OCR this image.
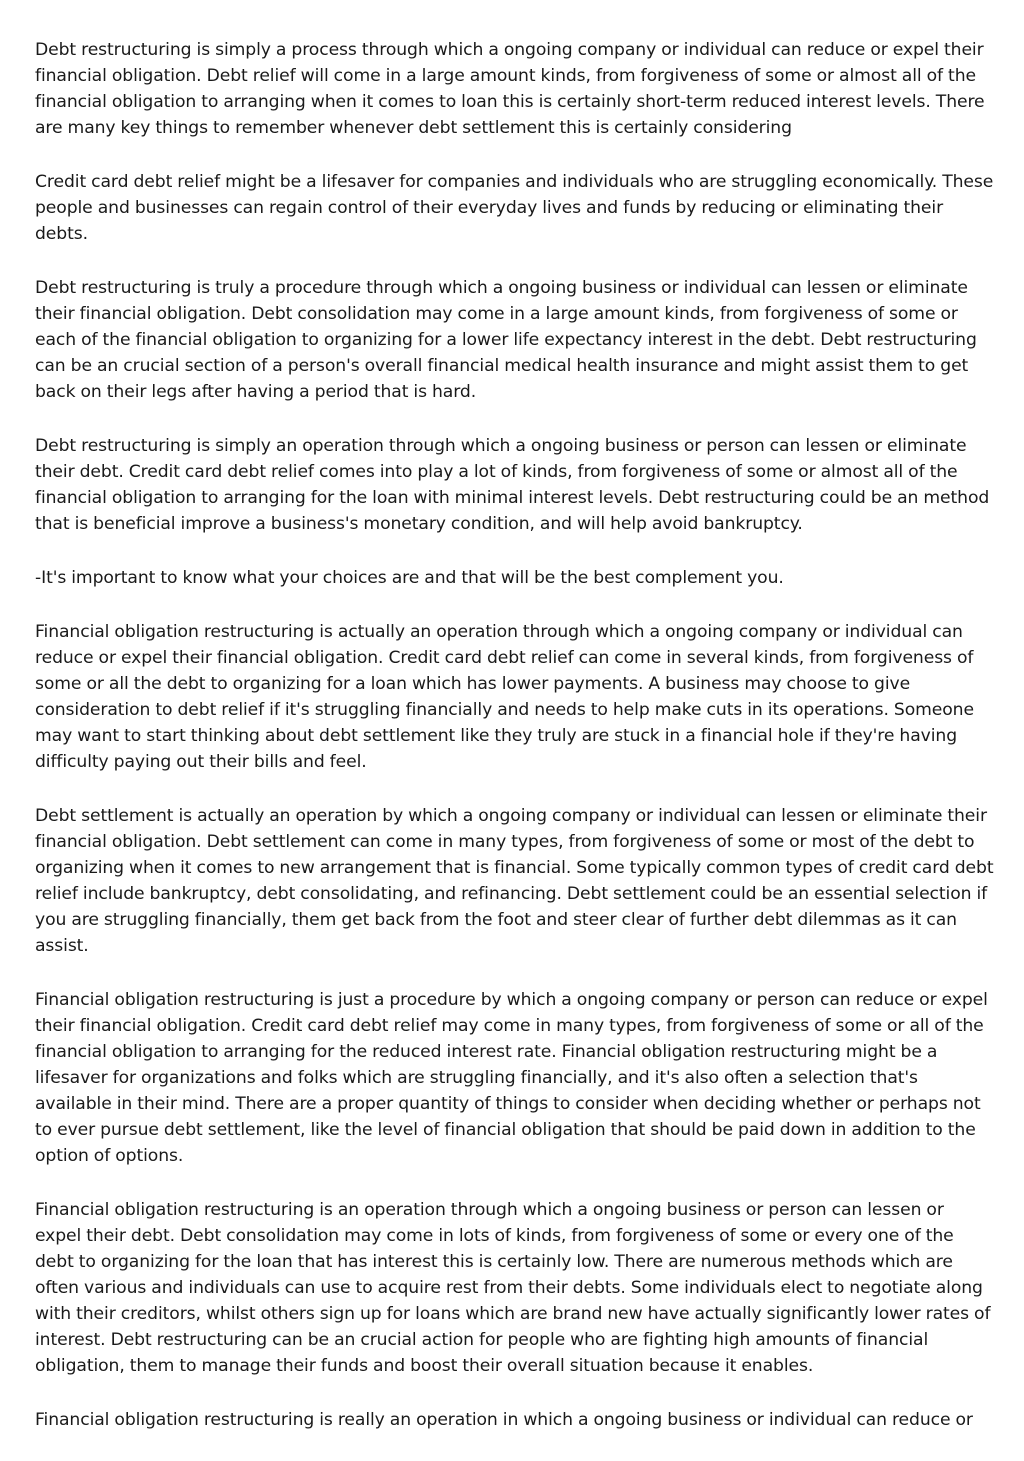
Debt restructuring is simply a process through which a ongoing company or individual can reduce or expel their financial obligation. Debt relief will come in a large amount kinds, from forgiveness of some or almost all of the financial obligation to arranging when it comes to loan this is certainly short-term reduced interest levels. There are many key things to remember whenever debt settlement this is certainly considering

Credit card debt relief might be a lifesaver for companies and individuals who are struggling economically. These people and businesses can regain control of their everyday lives and funds by reducing or eliminating their debts.

Debt restructuring is truly a procedure through which a ongoing business or individual can lessen or eliminate their financial obligation. Debt consolidation may come in a large amount kinds, from forgiveness of some or each of the financial obligation to organizing for a lower life expectancy interest in the debt. Debt restructuring can be an crucial section of a person's overall financial medical health insurance and might assist them to get back on their legs after having a period that is hard.

Debt restructuring is simply an operation through which a ongoing business or person can lessen or eliminate their debt. Credit card debt relief comes into play a lot of kinds, from forgiveness of some or almost all of the financial obligation to arranging for the loan with minimal interest levels. Debt restructuring could be an method that is beneficial improve a business's monetary condition, and will help avoid bankruptcy.

-It's important to know what your choices are and that will be the best complement you.

Financial obligation restructuring is actually an operation through which a ongoing company or individual can reduce or expel their financial obligation. Credit card debt relief can come in several kinds, from forgiveness of some or all the debt to organizing for a loan which has lower payments. A business may choose to give consideration to debt relief if it's struggling financially and needs to help make cuts in its operations. Someone may want to start thinking about debt settlement like they truly are stuck in a financial hole if they're having difficulty paying out their bills and feel.

Debt settlement is actually an operation by which a ongoing company or individual can lessen or eliminate their financial obligation. Debt settlement can come in many types, from forgiveness of some or most of the debt to organizing when it comes to new arrangement that is financial. Some typically common types of credit card debt relief include bankruptcy, debt consolidating, and refinancing. Debt settlement could be an essential selection if you are struggling financially, them get back from the foot and steer clear of further debt dilemmas as it can assist.

Financial obligation restructuring is just a procedure by which a ongoing company or person can reduce or expel their financial obligation. Credit card debt relief may come in many types, from forgiveness of some or all of the financial obligation to arranging for the reduced interest rate. Financial obligation restructuring might be a lifesaver for organizations and folks which are struggling financially, and it's also often a selection that's available in their mind. There are a proper quantity of things to consider when deciding whether or perhaps not to ever pursue debt settlement, like the level of financial obligation that should be paid down in addition to the option of options.

Financial obligation restructuring is an operation through which a ongoing business or person can lessen or expel their debt. Debt consolidation may come in lots of kinds, from forgiveness of some or every one of the debt to organizing for the loan that has interest this is certainly low. There are numerous methods which are often various and individuals can use to acquire rest from their debts. Some individuals elect to negotiate along with their creditors, whilst others sign up for loans which are brand new have actually significantly lower rates of interest. Debt restructuring can be an crucial action for people who are fighting high amounts of financial obligation, them to manage their funds and boost their overall situation because it enables.

Financial obligation restructuring is really an operation in which a ongoing business or individual can reduce or
